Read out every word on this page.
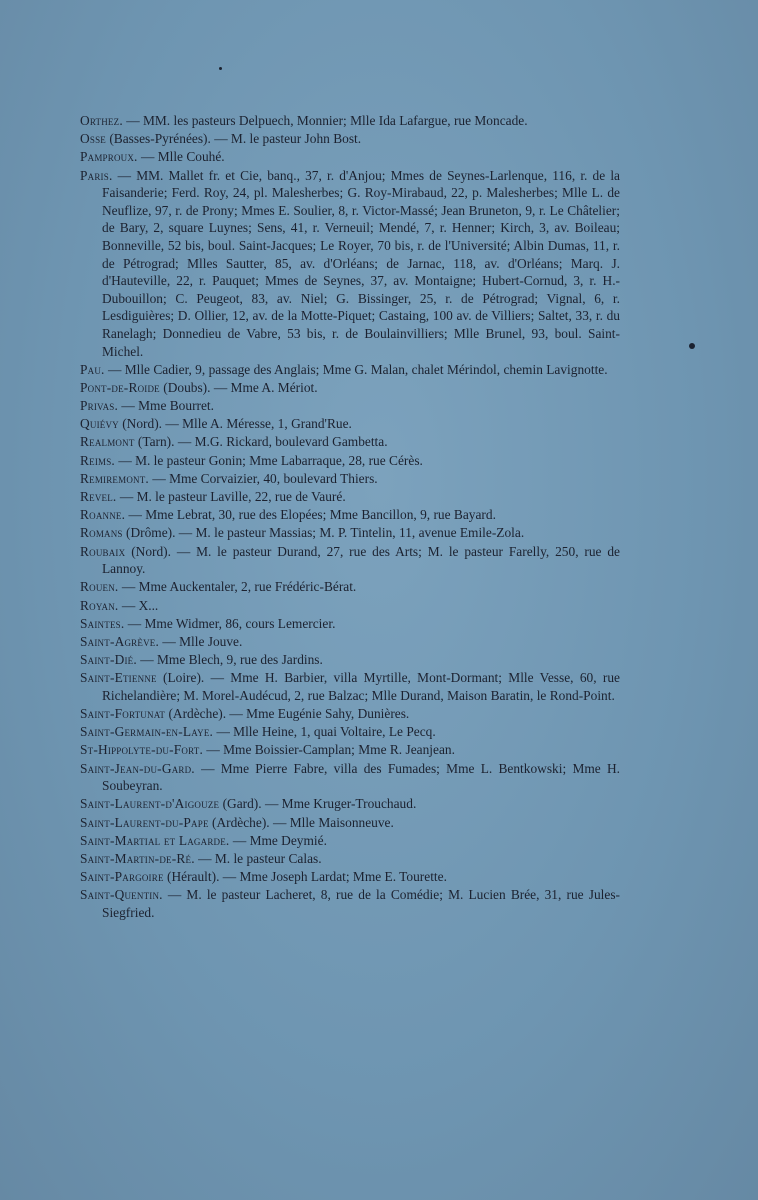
Orthez. — MM. les pasteurs Delpuech, Monnier; Mlle Ida Lafargue, rue Moncade.

Osse (Basses-Pyrénées). — M. le pasteur John Bost.

Pamproux. — Mlle Couhé.

Paris. — MM. Mallet fr. et Cie, banq., 37, r. d'Anjou; Mmes de Seynes-Larlenque, 116, r. de la Faisanderie; Ferd. Roy, 24, pl. Malesherbes; G. Roy-Mirabaud, 22, p. Malesherbes; Mlle L. de Neuflize, 97, r. de Prony; Mmes E. Soulier, 8, r. Victor-Massé; Jean Bruneton, 9, r. Le Châtelier; de Bary, 2, square Luynes; Sens, 41, r. Verneuil; Mendé, 7, r. Henner; Kirch, 3, av. Boileau; Bonneville, 52 bis, boul. Saint-Jacques; Le Royer, 70 bis, r. de l'Université; Albin Dumas, 11, r. de Pétrograd; Mlles Sautter, 85, av. d'Orléans; de Jarnac, 118, av. d'Orléans; Marq. J. d'Hauteville, 22, r. Pauquet; Mmes de Seynes, 37, av. Montaigne; Hubert-Cornud, 3, r. H.-Dubouillon; C. Peugeot, 83, av. Niel; G. Bissinger, 25, r. de Pétrograd; Vignal, 6, r. Lesdiguières; D. Ollier, 12, av. de la Motte-Piquet; Castaing, 100 av. de Villiers; Saltet, 33, r. du Ranelagh; Donnedieu de Vabre, 53 bis, r. de Boulainvilliers; Mlle Brunel, 93, boul. Saint-Michel.

Pau. — Mlle Cadier, 9, passage des Anglais; Mme G. Malan, chalet Mérindol, chemin Lavignotte.

Pont-de-Roide (Doubs). — Mme A. Mériot.

Privas. — Mme Bourret.

Quiévy (Nord). — Mlle A. Méresse, 1, Grand'Rue.

Realmont (Tarn). — M.G. Rickard, boulevard Gambetta.

Reims. — M. le pasteur Gonin; Mme Labarraque, 28, rue Cérès.

Remiremont. — Mme Corvaizier, 40, boulevard Thiers.

Revel. — M. le pasteur Laville, 22, rue de Vauré.

Roanne. — Mme Lebrat, 30, rue des Elopées; Mme Bancillon, 9, rue Bayard.

Romans (Drôme). — M. le pasteur Massias; M. P. Tintelin, 11, avenue Emile-Zola.

Roubaix (Nord). — M. le pasteur Durand, 27, rue des Arts; M. le pasteur Farelly, 250, rue de Lannoy.

Rouen. — Mme Auckentaler, 2, rue Frédéric-Bérat.

Royan. — X...

Saintes. — Mme Widmer, 86, cours Lemercier.

Saint-Agrève. — Mlle Jouve.

Saint-Dié. — Mme Blech, 9, rue des Jardins.

Saint-Etienne (Loire). — Mme H. Barbier, villa Myrtille, Mont-Dormant; Mlle Vesse, 60, rue Richelandière; M. Morel-Audécud, 2, rue Balzac; Mlle Durand, Maison Baratin, le Rond-Point.

Saint-Fortunat (Ardèche). — Mme Eugénie Sahy, Dunières.

Saint-Germain-en-Laye. — Mlle Heine, 1, quai Voltaire, Le Pecq.

St-Hippolyte-du-Fort. — Mme Boissier-Camplan; Mme R. Jeanjean.

Saint-Jean-du-Gard. — Mme Pierre Fabre, villa des Fumades; Mme L. Bentkowski; Mme H. Soubeyran.

Saint-Laurent-d'Aigouze (Gard). — Mme Kruger-Trouchaud.

Saint-Laurent-du-Pape (Ardèche). — Mlle Maisonneuve.

Saint-Martial et Lagarde. — Mme Deymié.

Saint-Martin-de-Ré. — M. le pasteur Calas.

Saint-Pargoire (Hérault). — Mme Joseph Lardat; Mme E. Tourette.

Saint-Quentin. — M. le pasteur Lacheret, 8, rue de la Comédie; M. Lucien Brée, 31, rue Jules-Siegfried.
